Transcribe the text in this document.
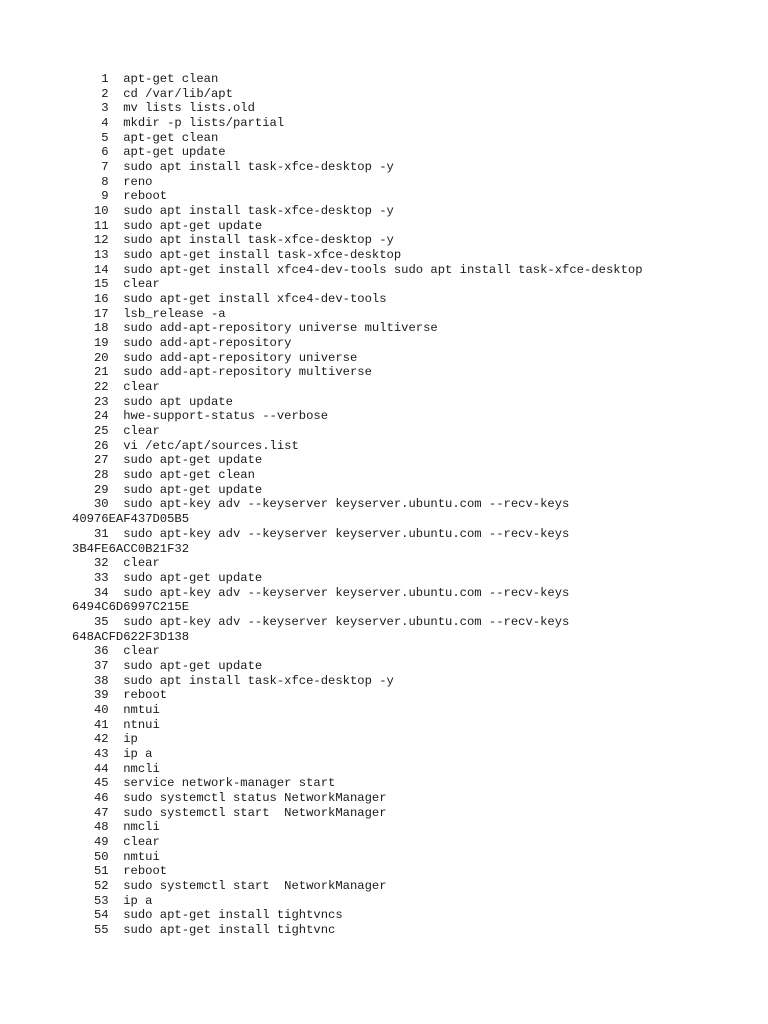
1 apt-get clean
2 cd /var/lib/apt
3 mv lists lists.old
4 mkdir -p lists/partial
5 apt-get clean
6 apt-get update
7 sudo apt install task-xfce-desktop -y
8 reno
9 reboot
10 sudo apt install task-xfce-desktop -y
11 sudo apt-get update
12 sudo apt install task-xfce-desktop -y
13 sudo apt-get install task-xfce-desktop
14 sudo apt-get install xfce4-dev-tools sudo apt install task-xfce-desktop
15 clear
16 sudo apt-get install xfce4-dev-tools
17 lsb_release -a
18 sudo add-apt-repository universe multiverse
19 sudo add-apt-repository
20 sudo add-apt-repository universe
21 sudo add-apt-repository multiverse
22 clear
23 sudo apt update
24 hwe-support-status --verbose
25 clear
26 vi /etc/apt/sources.list
27 sudo apt-get update
28 sudo apt-get clean
29 sudo apt-get update
30 sudo apt-key adv --keyserver keyserver.ubuntu.com --recv-keys
40976EAF437D05B5
31 sudo apt-key adv --keyserver keyserver.ubuntu.com --recv-keys
3B4FE6ACC0B21F32
32 clear
33 sudo apt-get update
34 sudo apt-key adv --keyserver keyserver.ubuntu.com --recv-keys
6494C6D6997C215E
35 sudo apt-key adv --keyserver keyserver.ubuntu.com --recv-keys
648ACFD622F3D138
36 clear
37 sudo apt-get update
38 sudo apt install task-xfce-desktop -y
39 reboot
40 nmtui
41 ntnui
42 ip
43 ip a
44 nmcli
45 service network-manager start
46 sudo systemctl status NetworkManager
47 sudo systemctl start  NetworkManager
48 nmcli
49 clear
50 nmtui
51 reboot
52 sudo systemctl start  NetworkManager
53 ip a
54 sudo apt-get install tightvncs
55 sudo apt-get install tightvnc
